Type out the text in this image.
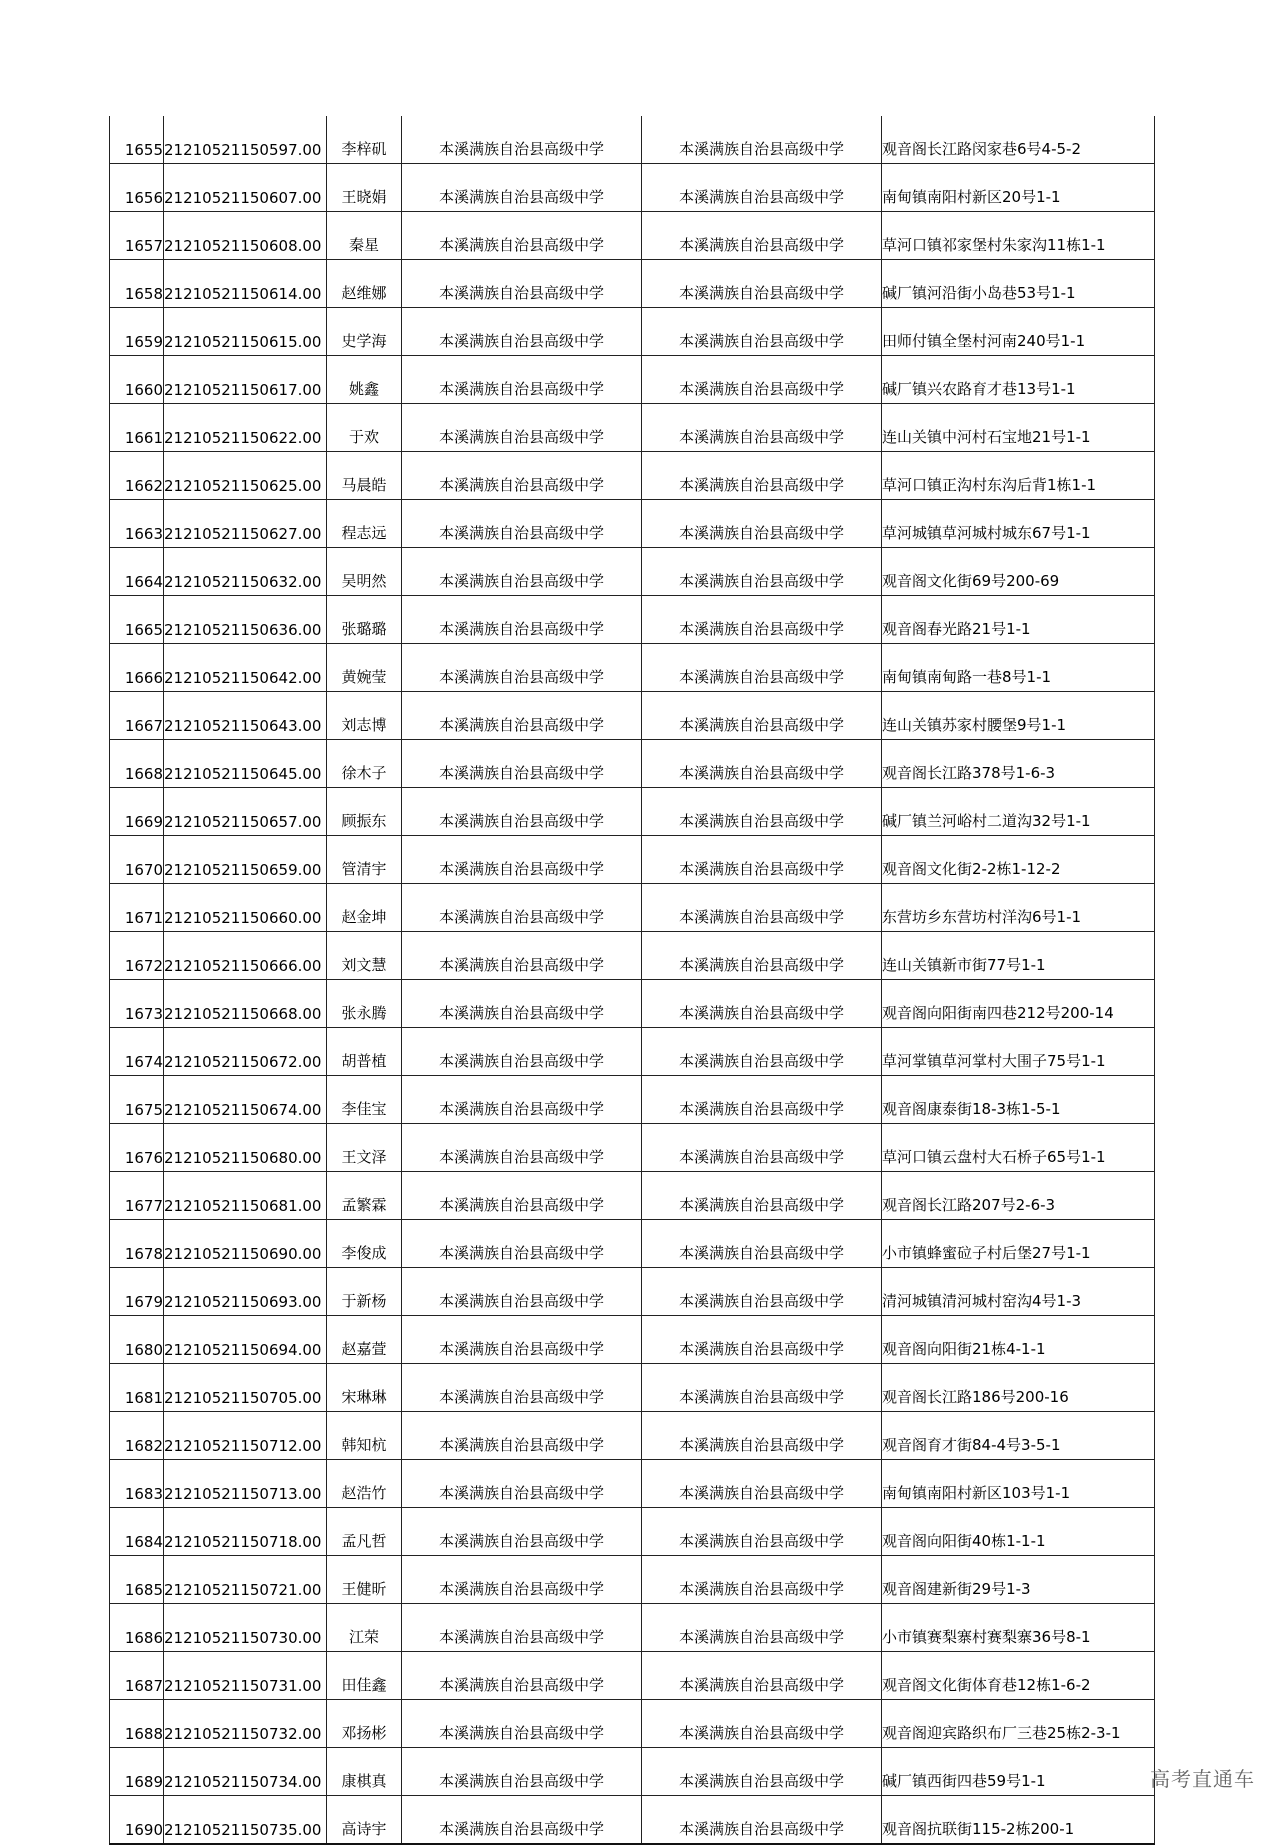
1655	21210521150597.00	李梓矶	本溪满族自治县高级中学	本溪满族自治县高级中学	观音阁长江路闵家巷6号4-5-2
1656	21210521150607.00	王晓娟	本溪满族自治县高级中学	本溪满族自治县高级中学	南甸镇南阳村新区20号1-1
1657	21210521150608.00	秦星	本溪满族自治县高级中学	本溪满族自治县高级中学	草河口镇祁家堡村朱家沟11栋1-1
1658	21210521150614.00	赵维娜	本溪满族自治县高级中学	本溪满族自治县高级中学	碱厂镇河沿街小岛巷53号1-1
1659	21210521150615.00	史学海	本溪满族自治县高级中学	本溪满族自治县高级中学	田师付镇全堡村河南240号1-1
1660	21210521150617.00	姚鑫	本溪满族自治县高级中学	本溪满族自治县高级中学	碱厂镇兴农路育才巷13号1-1
1661	21210521150622.00	于欢	本溪满族自治县高级中学	本溪满族自治县高级中学	连山关镇中河村石宝地21号1-1
1662	21210521150625.00	马晨皓	本溪满族自治县高级中学	本溪满族自治县高级中学	草河口镇正沟村东沟后背1栋1-1
1663	21210521150627.00	程志远	本溪满族自治县高级中学	本溪满族自治县高级中学	草河城镇草河城村城东67号1-1
1664	21210521150632.00	吴明然	本溪满族自治县高级中学	本溪满族自治县高级中学	观音阁文化街69号200-69
1665	21210521150636.00	张璐璐	本溪满族自治县高级中学	本溪满族自治县高级中学	观音阁春光路21号1-1
1666	21210521150642.00	黄婉莹	本溪满族自治县高级中学	本溪满族自治县高级中学	南甸镇南甸路一巷8号1-1
1667	21210521150643.00	刘志博	本溪满族自治县高级中学	本溪满族自治县高级中学	连山关镇苏家村腰堡9号1-1
1668	21210521150645.00	徐木子	本溪满族自治县高级中学	本溪满族自治县高级中学	观音阁长江路378号1-6-3
1669	21210521150657.00	顾振东	本溪满族自治县高级中学	本溪满族自治县高级中学	碱厂镇兰河峪村二道沟32号1-1
1670	21210521150659.00	管清宇	本溪满族自治县高级中学	本溪满族自治县高级中学	观音阁文化街2-2栋1-12-2
1671	21210521150660.00	赵金坤	本溪满族自治县高级中学	本溪满族自治县高级中学	东营坊乡东营坊村洋沟6号1-1
1672	21210521150666.00	刘文慧	本溪满族自治县高级中学	本溪满族自治县高级中学	连山关镇新市街77号1-1
1673	21210521150668.00	张永腾	本溪满族自治县高级中学	本溪满族自治县高级中学	观音阁向阳街南四巷212号200-14
1674	21210521150672.00	胡普植	本溪满族自治县高级中学	本溪满族自治县高级中学	草河掌镇草河掌村大围子75号1-1
1675	21210521150674.00	李佳宝	本溪满族自治县高级中学	本溪满族自治县高级中学	观音阁康泰街18-3栋1-5-1
1676	21210521150680.00	王文泽	本溪满族自治县高级中学	本溪满族自治县高级中学	草河口镇云盘村大石桥子65号1-1
1677	21210521150681.00	孟繁霖	本溪满族自治县高级中学	本溪满族自治县高级中学	观音阁长江路207号2-6-3
1678	21210521150690.00	李俊成	本溪满族自治县高级中学	本溪满族自治县高级中学	小市镇蜂蜜砬子村后堡27号1-1
1679	21210521150693.00	于新杨	本溪满族自治县高级中学	本溪满族自治县高级中学	清河城镇清河城村窑沟4号1-3
1680	21210521150694.00	赵嘉萱	本溪满族自治县高级中学	本溪满族自治县高级中学	观音阁向阳街21栋4-1-1
1681	21210521150705.00	宋琳琳	本溪满族自治县高级中学	本溪满族自治县高级中学	观音阁长江路186号200-16
1682	21210521150712.00	韩知杭	本溪满族自治县高级中学	本溪满族自治县高级中学	观音阁育才街84-4号3-5-1
1683	21210521150713.00	赵浩竹	本溪满族自治县高级中学	本溪满族自治县高级中学	南甸镇南阳村新区103号1-1
1684	21210521150718.00	孟凡哲	本溪满族自治县高级中学	本溪满族自治县高级中学	观音阁向阳街40栋1-1-1
1685	21210521150721.00	王健昕	本溪满族自治县高级中学	本溪满族自治县高级中学	观音阁建新街29号1-3
1686	21210521150730.00	江荣	本溪满族自治县高级中学	本溪满族自治县高级中学	小市镇赛梨寨村赛梨寨36号8-1
1687	21210521150731.00	田佳鑫	本溪满族自治县高级中学	本溪满族自治县高级中学	观音阁文化街体育巷12栋1-6-2
1688	21210521150732.00	邓扬彬	本溪满族自治县高级中学	本溪满族自治县高级中学	观音阁迎宾路织布厂三巷25栋2-3-1
1689	21210521150734.00	康棋真	本溪满族自治县高级中学	本溪满族自治县高级中学	碱厂镇西街四巷59号1-1
1690	21210521150735.00	高诗宇	本溪满族自治县高级中学	本溪满族自治县高级中学	观音阁抗联街115-2栋200-1
高考直通车
